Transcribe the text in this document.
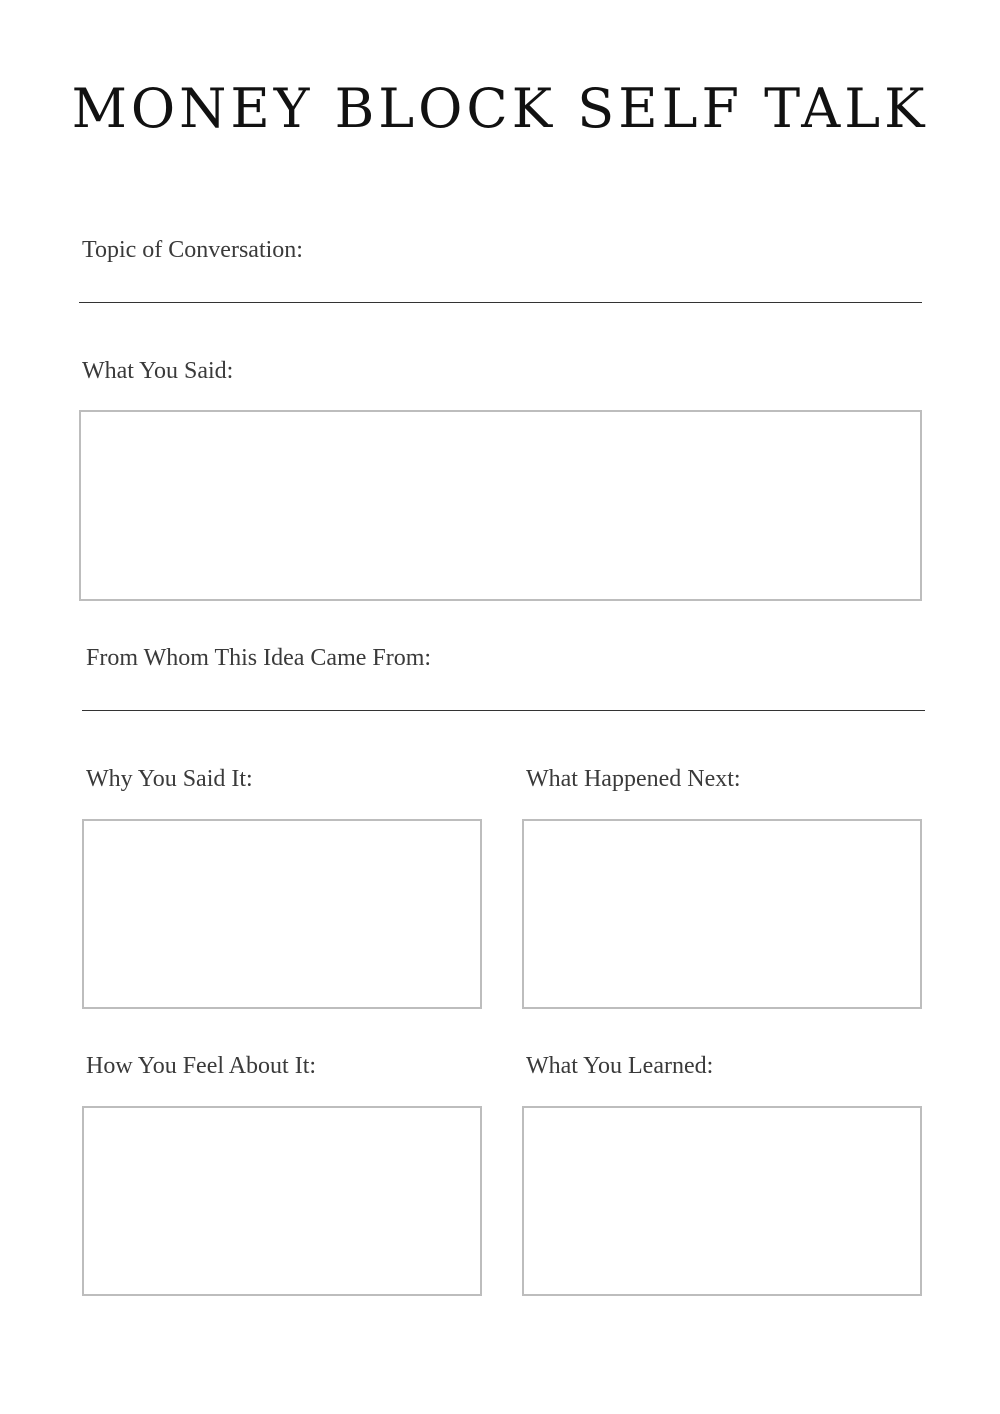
MONEY BLOCK SELF TALK
Topic of Conversation:
What You Said:
From Whom This Idea Came From:
Why You Said It:	What Happened Next:
How You Feel About It:	What You Learned:
